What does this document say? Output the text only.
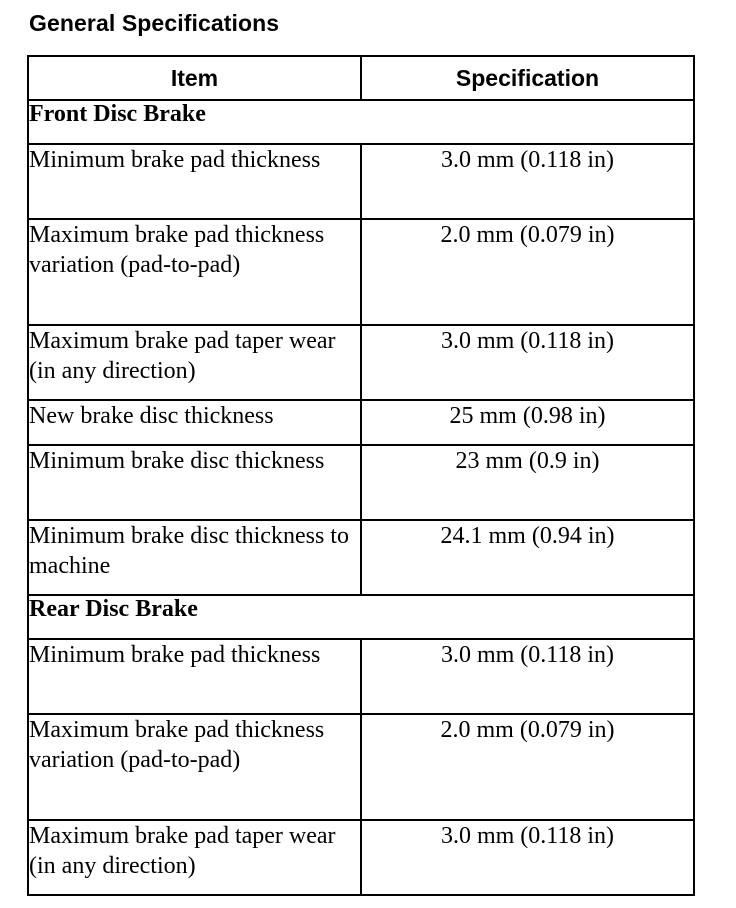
General Specifications
Item	Specification
Front Disc Brake	
Minimum brake pad thickness	3.0 mm (0.118 in)
Maximum brake pad thickness variation (pad-to-pad)	2.0 mm (0.079 in)
Maximum brake pad taper wear (in any direction)	3.0 mm (0.118 in)
New brake disc thickness	25 mm (0.98 in)
Minimum brake disc thickness	23 mm (0.9 in)
Minimum brake disc thickness to machine	24.1 mm (0.94 in)
Rear Disc Brake	
Minimum brake pad thickness	3.0 mm (0.118 in)
Maximum brake pad thickness variation (pad-to-pad)	2.0 mm (0.079 in)
Maximum brake pad taper wear (in any direction)	3.0 mm (0.118 in)
